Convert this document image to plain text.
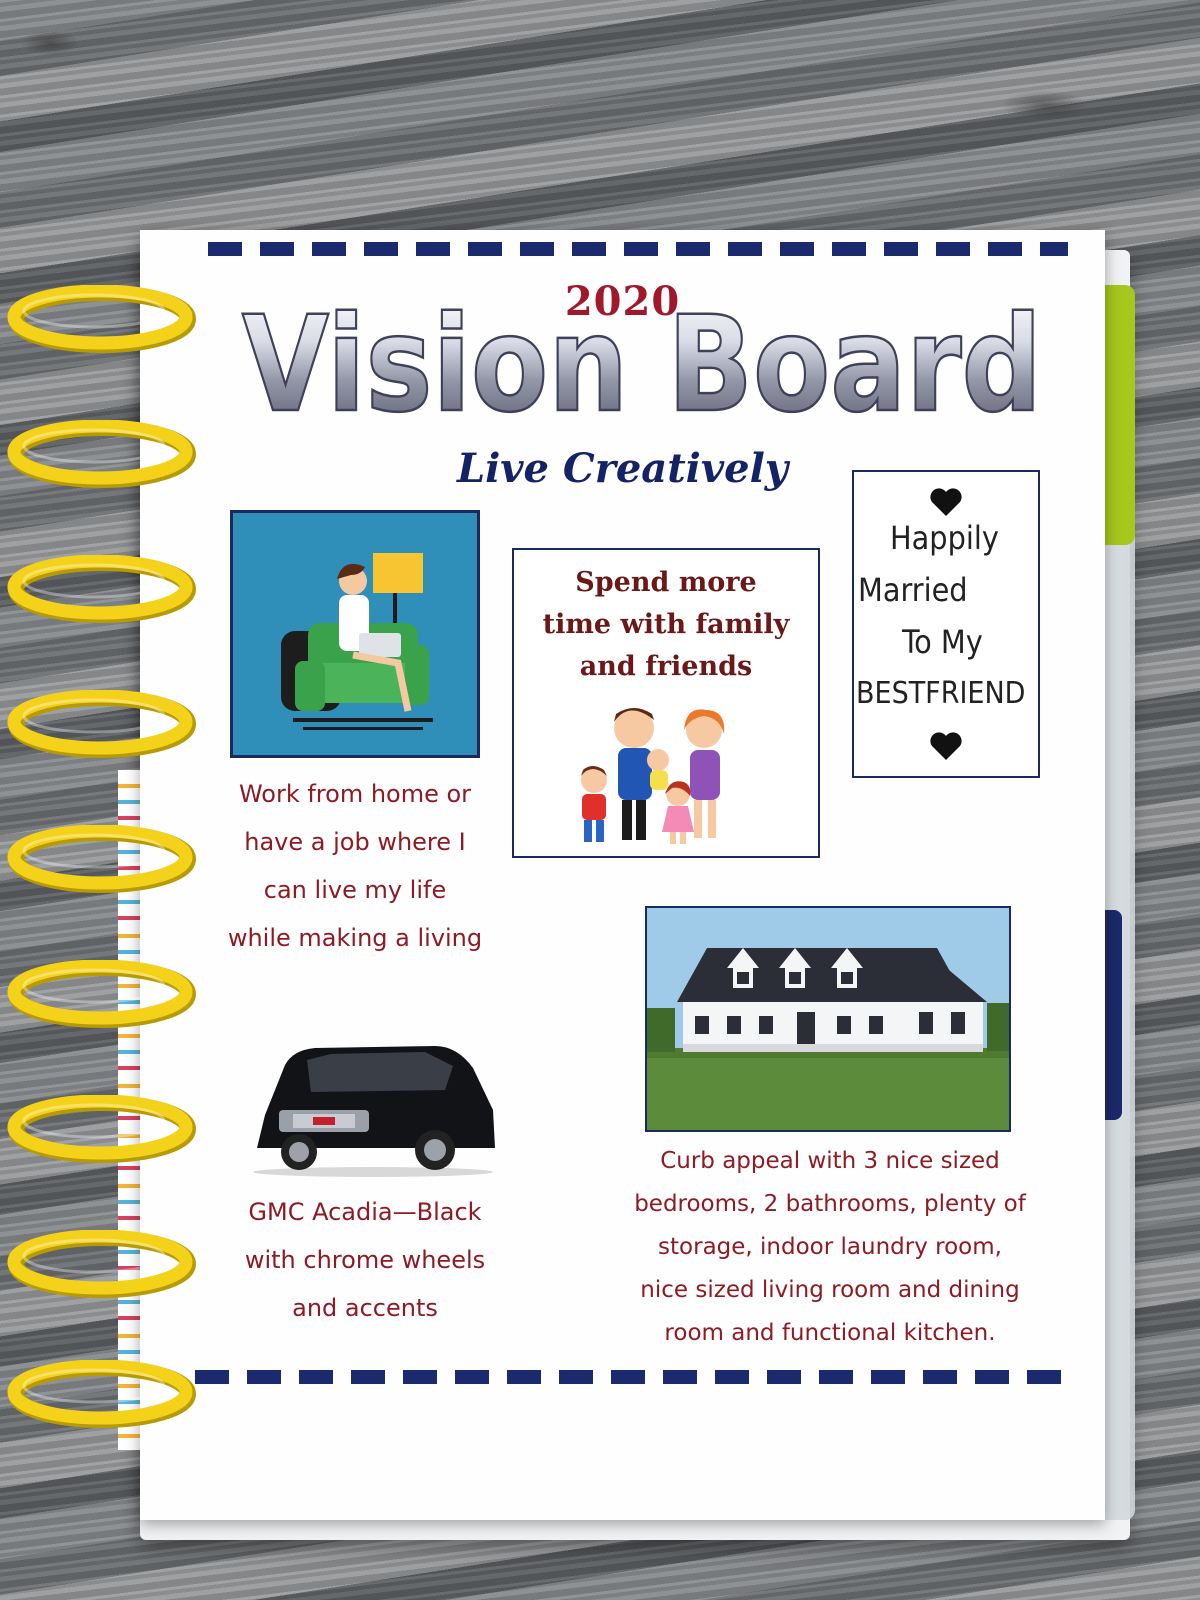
2020
Vision Board
Live Creatively
Work from home or
have a job where I
can live my life
while making a living
Spend more
time with family
and friends
Happily
Married
To My
BESTFRIEND
GMC Acadia—Black
with chrome wheels
and accents
Curb appeal with 3 nice sized
bedrooms, 2 bathrooms, plenty of
storage, indoor laundry room,
nice sized living room and dining
room and functional kitchen.
